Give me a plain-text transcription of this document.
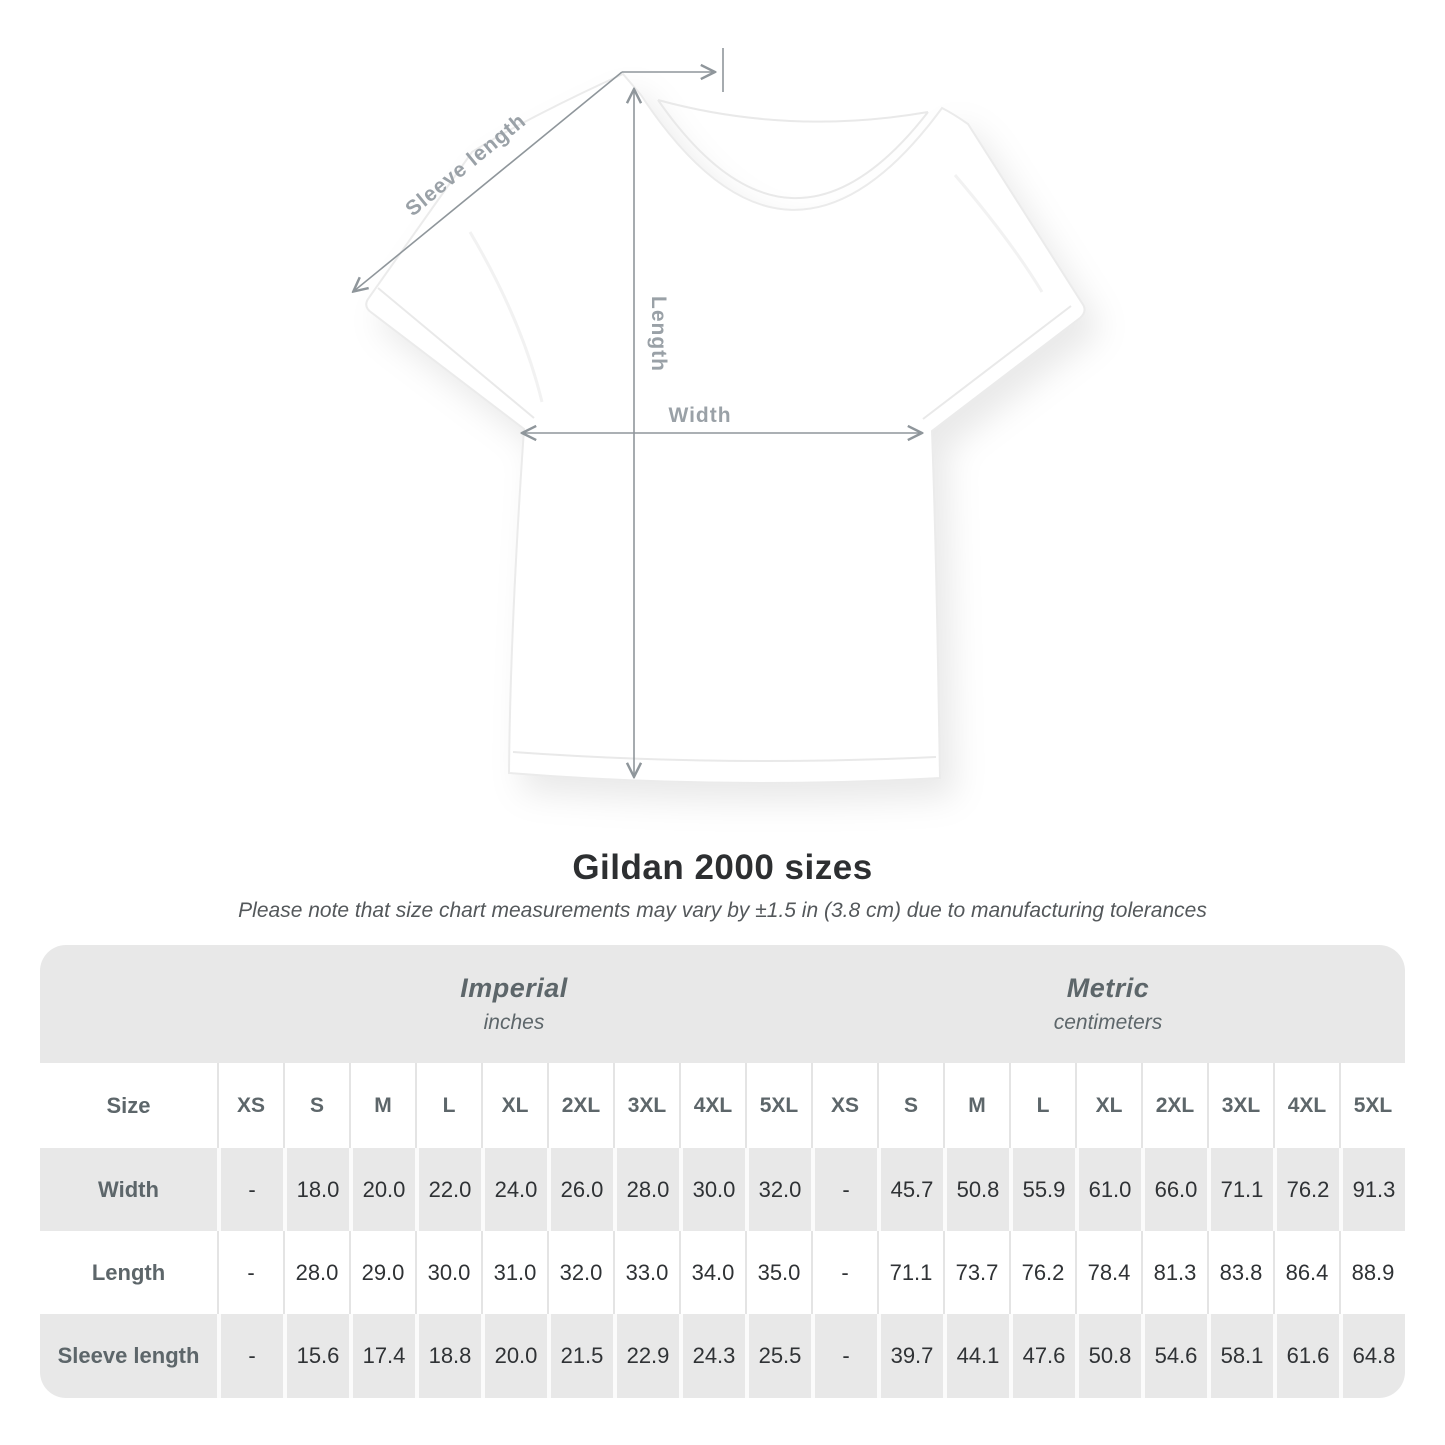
Sleeve length
Length
Width
Gildan 2000 sizes

Please note that size chart measurements may vary by ±1.5 in (3.8 cm) due to manufacturing tolerances

Imperial
inches
Metric
centimeters
Size	XS	S	M	L	XL	2XL	3XL	4XL	5XL	XS	S	M	L	XL	2XL	3XL	4XL	5XL
Width	-	18.0	20.0	22.0	24.0	26.0	28.0	30.0	32.0	-	45.7	50.8	55.9	61.0	66.0	71.1	76.2	91.3
Length	-	28.0	29.0	30.0	31.0	32.0	33.0	34.0	35.0	-	71.1	73.7	76.2	78.4	81.3	83.8	86.4	88.9
Sleeve length	-	15.6	17.4	18.8	20.0	21.5	22.9	24.3	25.5	-	39.7	44.1	47.6	50.8	54.6	58.1	61.6	64.8
